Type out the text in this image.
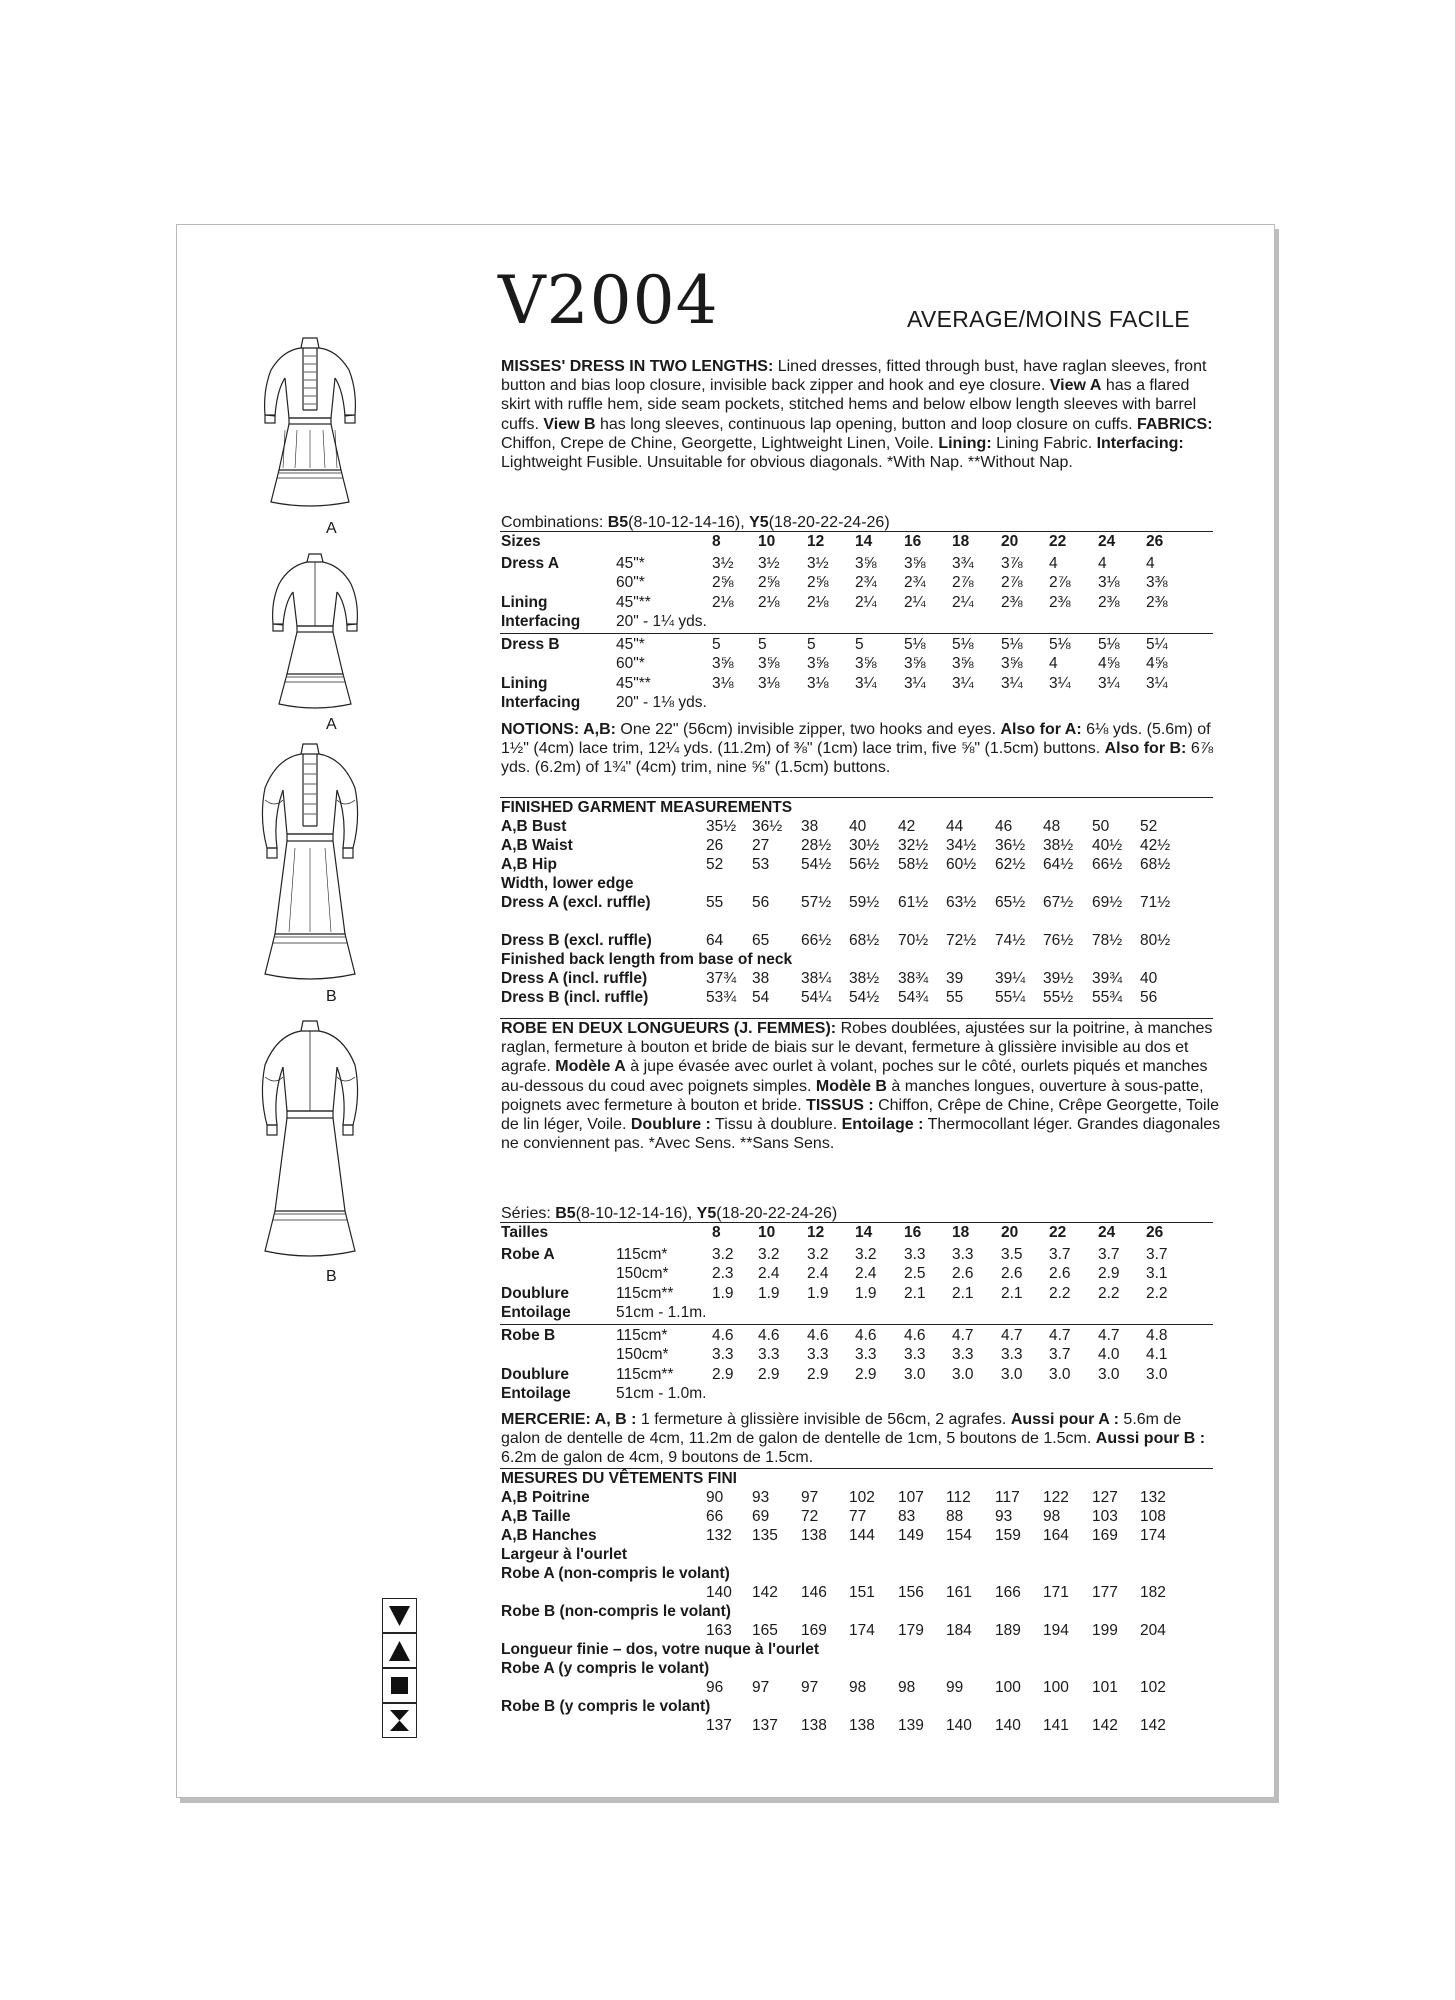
V2004	AVERAGE/MOINS FACILE
A
A
B
B
MISSES' DRESS IN TWO LENGTHS: Lined dresses, fitted through bust, have raglan sleeves, front button and bias loop closure, invisible back zipper and hook and eye closure. View A has a flared skirt with ruffle hem, side seam pockets, stitched hems and below elbow length sleeves with barrel cuffs. View B has long sleeves, continuous lap opening, button and loop closure on cuffs. FABRICS: Chiffon, Crepe de Chine, Georgette, Lightweight Linen, Voile. Lining: Lining Fabric. Interfacing: Lightweight Fusible. Unsuitable for obvious diagonals. *With Nap. **Without Nap.
Combinations: B5(8-10-12-14-16), Y5(18-20-22-24-26)
Sizes	8 10 12 14 16 18 20 22 24 26
Dress A	45"*	3½ 3½ 3½ 3⅝ 3⅝ 3¾ 3⅞ 4	4	4
60"*	2⅝ 2⅝ 2⅝ 2¾ 2¾ 2⅞ 2⅞ 2⅞ 3⅛ 3⅜
Lining	45"**	2⅛ 2⅛ 2⅛ 2¼ 2¼ 2¼ 2⅜ 2⅜ 2⅜ 2⅜
Interfacing 20" - 1¼ yds.
Dress B	45"*	5 5	5	5	5⅛ 5⅛ 5⅛ 5⅛ 5⅛ 5¼
60"*	3⅝ 3⅝ 3⅝ 3⅝ 3⅝ 3⅝ 3⅝ 4	4⅝ 4⅝
Lining	45"**	3⅛ 3⅛ 3⅛ 3¼ 3¼ 3¼ 3¼ 3¼ 3¼ 3¼
Interfacing 20" - 1⅛ yds.
NOTIONS: A,B: One 22" (56cm) invisible zipper, two hooks and eyes. Also for A: 6⅛ yds. (5.6m) of 1½" (4cm) lace trim, 12¼ yds. (11.2m) of ⅜" (1cm) lace trim, five ⅝" (1.5cm) buttons. Also for B: 6⅞ yds. (6.2m) of 1¾" (4cm) trim, nine ⅝" (1.5cm) buttons.
FINISHED GARMENT MEASUREMENTS
A,B Bust	35½ 36½ 38 40 42 44 46 48 50 52
A,B Waist	26 27 28½ 30½ 32½ 34½ 36½ 38½ 40½ 42½
A,B Hip	52 53 54½ 56½ 58½ 60½ 62½ 64½ 66½ 68½
Width, lower edge
Dress A (excl. ruffle)	55 56 57½ 59½ 61½ 63½ 65½ 67½ 69½ 71½
Dress B (excl. ruffle)	64 65 66½ 68½ 70½ 72½ 74½ 76½ 78½ 80½
Finished back length from base of neck
Dress A (incl. ruffle)	37¾ 38 38¼ 38½ 38¾ 39 39¼ 39½ 39¾ 40
Dress B (incl. ruffle)	53¾ 54 54¼ 54½ 54¾ 55 55¼ 55½ 55¾ 56
ROBE EN DEUX LONGUEURS (J. FEMMES): Robes doublées, ajustées sur la poitrine, à manches raglan, fermeture à bouton et bride de biais sur le devant, fermeture à glissière invisible au dos et agrafe. Modèle A à jupe évasée avec ourlet à volant, poches sur le côté, ourlets piqués et manches au-dessous du coud avec poignets simples. Modèle B à manches longues, ouverture à sous-patte, poignets avec fermeture à bouton et bride. TISSUS : Chiffon, Crêpe de Chine, Crêpe Georgette, Toile de lin léger, Voile. Doublure : Tissu à doublure. Entoilage : Thermocollant léger. Grandes diagonales ne conviennent pas. *Avec Sens. **Sans Sens.
Séries: B5(8-10-12-14-16), Y5(18-20-22-24-26)
Tailles	8 10 12 14 16 18 20 22 24 26
Robe A	115cm*	3.2 3.2 3.2 3.2 3.3 3.3 3.5 3.7 3.7 3.7
150cm*	2.3 2.4 2.4 2.4 2.5 2.6 2.6 2.6 2.9 3.1
Doublure	115cm** 1.9 1.9 1.9 1.9 2.1 2.1 2.1 2.2 2.2 2.2
Entoilage	51cm - 1.1m.
Robe B	115cm*	4.6 4.6 4.6 4.6 4.6 4.7 4.7 4.7 4.7 4.8
150cm*	3.3 3.3 3.3 3.3 3.3 3.3 3.3 3.7 4.0 4.1
Doublure	115cm** 2.9 2.9 2.9 2.9 3.0 3.0 3.0 3.0 3.0 3.0
Entoilage	51cm - 1.0m.
MERCERIE: A, B : 1 fermeture à glissière invisible de 56cm, 2 agrafes. Aussi pour A : 5.6m de galon de dentelle de 4cm, 11.2m de galon de dentelle de 1cm, 5 boutons de 1.5cm. Aussi pour B : 6.2m de galon de 4cm, 9 boutons de 1.5cm.
MESURES DU VÊTEMENTS FINI
A,B Poitrine	90 93 97 102 107 112 117 122 127 132
A,B Taille	66 69 72 77 83 88 93 98 103 108
A,B Hanches	132 135 138 144 149 154 159 164 169 174
Largeur à l'ourlet
Robe A (non-compris le volant)
140 142 146 151 156 161 166 171 177 182
Robe B (non-compris le volant)
163 165 169 174 179 184 189 194 199 204
Longueur finie – dos, votre nuque à l'ourlet
Robe A (y compris le volant)
96 97 97 98 98 99 100 100 101 102
Robe B (y compris le volant)
137 137 138 138 139 140 140 141 142 142
